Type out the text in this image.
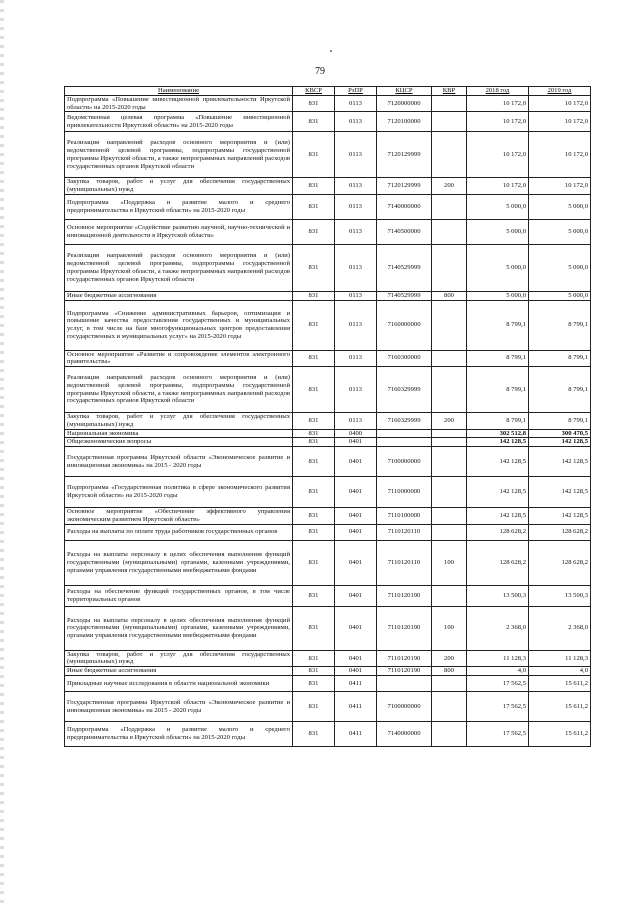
79
Наименование	КВСР	РзПР	КЦСР	КВР	2018 год	2019 год
Подпрограмма «Повышение инвестиционной привлекательности Иркутской области» на 2015-2020 годы	831	0113	7120000000		10 172,0	10 172,0
Ведомственная целевая программа «Повышение инвестиционной привлекательности Иркутской области» на 2015-2020 годы	831	0113	7120100000		10 172,0	10 172,0
Реализация направлений расходов основного мероприятия и (или) ведомственной целевой программы, подпрограммы государственной программы Иркутской области, а также непрограммных направлений расходов государственных органов Иркутской области	831	0113	7120129999		10 172,0	10 172,0
Закупка товаров, работ и услуг для обеспечения государственных (муниципальных) нужд	831	0113	7120129999	200	10 172,0	10 172,0
Подпрограмма «Поддержка и развитие малого и среднего предпринимательства в Иркутской области» на 2015-2020 годы	831	0113	7140000000		5 000,0	5 000,0
Основное мероприятие «Содействие развитию научной, научно-технической и инновационной деятельности в Иркутской области»	831	0113	7140500000		5 000,0	5 000,0
Реализация направлений расходов основного мероприятия и (или) ведомственной целевой программы, подпрограммы государственной программы Иркутской области, а также непрограммных направлений расходов государственных органов Иркутской области	831	0113	7140529999		5 000,0	5 000,0
Иные бюджетные ассигнования	831	0113	7140529999	800	5 000,0	5 000,0
Подпрограмма «Снижение административных барьеров, оптимизация и повышение качества предоставления государственных и муниципальных услуг, в том числе на базе многофункциональных центров предоставления государственных и муниципальных услуг» на 2015-2020 годы	831	0113	7160000000		8 799,1	8 799,1
Основное мероприятие «Развитие и сопровождение элементов электронного правительства»	831	0113	7160300000		8 799,1	8 799,1
Реализация направлений расходов основного мероприятия и (или) ведомственной целевой программы, подпрограммы государственной программы Иркутской области, а также непрограммных направлений расходов государственных органов Иркутской области	831	0113	7160329999		8 799,1	8 799,1
Закупка товаров, работ и услуг для обеспечения государственных (муниципальных) нужд	831	0113	7160329999	200	8 799,1	8 799,1
Национальная экономика	831	0400			302 512,8	300 470,5
Общеэкономические вопросы	831	0401			142 128,5	142 128,5
Государственная программа Иркутской области «Экономическое развитие и инновационная экономика» на 2015 - 2020 годы	831	0401	7100000000		142 128,5	142 128,5
Подпрограмма «Государственная политика в сфере экономического развития Иркутской области» на 2015-2020 годы	831	0401	7110000000		142 128,5	142 128,5
Основное мероприятие «Обеспечение эффективного управления экономическим развитием Иркутской области»	831	0401	7110100000		142 128,5	142 128,5
Расходы на выплаты по оплате труда работников государственных органов	831	0401	7110120110		128 628,2	128 628,2
Расходы на выплаты персоналу в целях обеспечения выполнения функций государственными (муниципальными) органами, казенными учреждениями, органами управления государственными внебюджетными фондами	831	0401	7110120110	100	128 628,2	128 628,2
Расходы на обеспечение функций государственных органов, в том числе территориальных органов	831	0401	7110120190		13 500,3	13 500,3
Расходы на выплаты персоналу в целях обеспечения выполнения функций государственными (муниципальными) органами, казенными учреждениями, органами управления государственными внебюджетными фондами	831	0401	7110120190	100	2 368,0	2 368,0
Закупка товаров, работ и услуг для обеспечения государственных (муниципальных) нужд	831	0401	7110120190	200	11 128,3	11 128,3
Иные бюджетные ассигнования	831	0401	7110120190	800	4,0	4,0
Прикладные научные исследования в области национальной экономики	831	0411			17 562,5	15 611,2
Государственная программа Иркутской области «Экономическое развитие и инновационная экономика» на 2015 - 2020 годы	831	0411	7100000000		17 562,5	15 611,2
Подпрограмма «Поддержка и развитие малого и среднего предпринимательства в Иркутской области» на 2015-2020 годы	831	0411	7140000000		17 562,5	15 611,2
